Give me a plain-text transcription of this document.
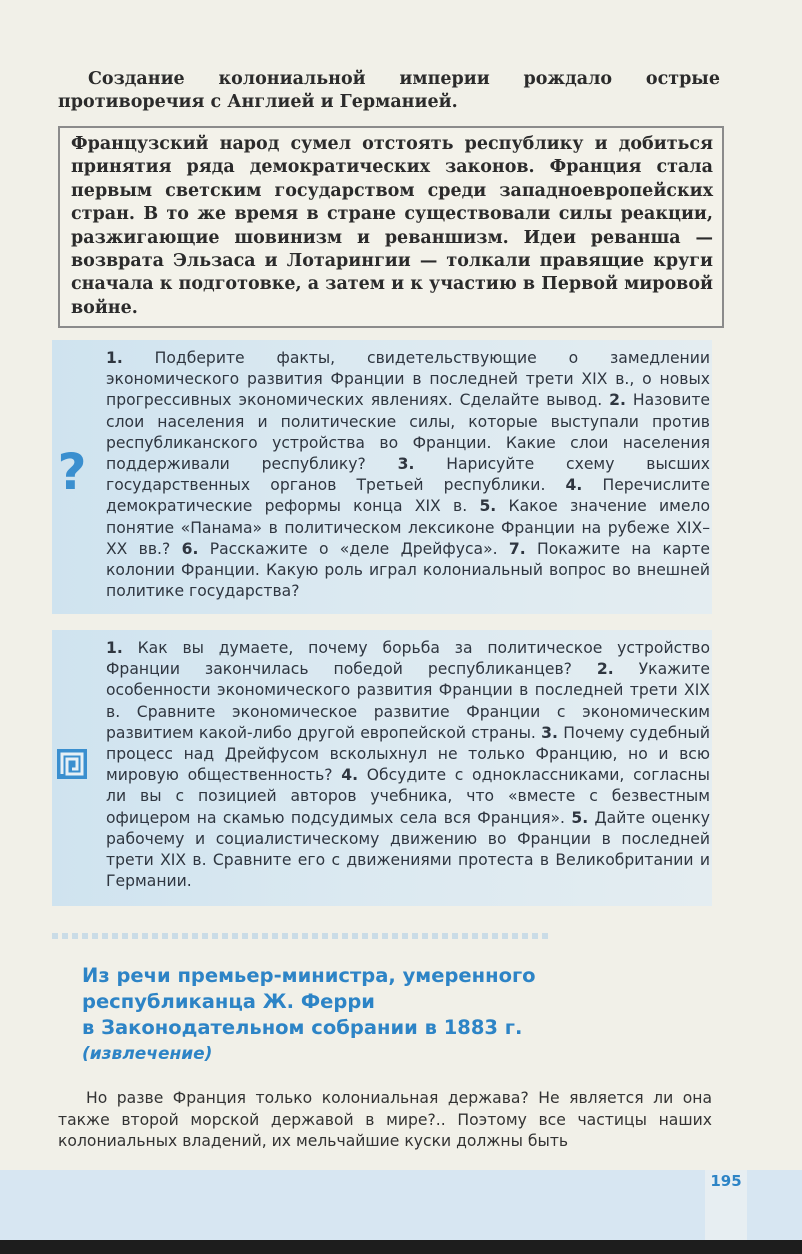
Создание колониальной империи рождало острые противоречия с Англией и Германией.

Французский народ сумел отстоять республику и добиться принятия ряда демократических законов. Франция стала первым светским государством среди западноевропейских стран. В то же время в стране существовали силы реакции, разжигающие шовинизм и реваншизм. Идеи реванша — возврата Эльзаса и Лотарингии — толкали правящие круги сначала к подготовке, а затем и к участию в Первой мировой войне.
?
1. Подберите факты, свидетельствующие о замедлении экономического развития Франции в последней трети XIX в., о новых прогрессивных экономических явлениях. Сделайте вывод. 2. Назовите слои населения и политические силы, которые выступали против республиканского устройства во Франции. Какие слои населения поддерживали республику? 3. Нарисуйте схему высших государственных органов Третьей республики. 4. Перечислите демократические реформы конца XIX в. 5. Какое значение имело понятие «Панама» в политическом лексиконе Франции на рубеже XIX–XX вв.? 6. Расскажите о «деле Дрейфуса». 7. Покажите на карте колонии Франции. Какую роль играл колониальный вопрос во внешней политике государства?
1. Как вы думаете, почему борьба за политическое устройство Франции закончилась победой республиканцев? 2. Укажите особенности экономического развития Франции в последней трети XIX в. Сравните экономическое развитие Франции с экономическим развитием какой-либо другой европейской страны. 3. Почему судебный процесс над Дрейфусом всколыхнул не только Францию, но и всю мировую общественность? 4. Обсудите с одноклассниками, согласны ли вы с позицией авторов учебника, что «вместе с безвестным офицером на скамью подсудимых села вся Франция». 5. Дайте оценку рабочему и социалистическому движению во Франции в последней трети XIX в. Сравните его с движениями протеста в Великобритании и Германии.
Из речи премьер-министра, умеренного
республиканца Ж. Ферри
в Законодательном собрании в 1883 г.
(извлечение)

Но разве Франция только колониальная держава? Не является ли она также второй морской державой в мире?.. Поэтому все частицы наших колониальных владений, их мельчайшие куски должны быть

195
